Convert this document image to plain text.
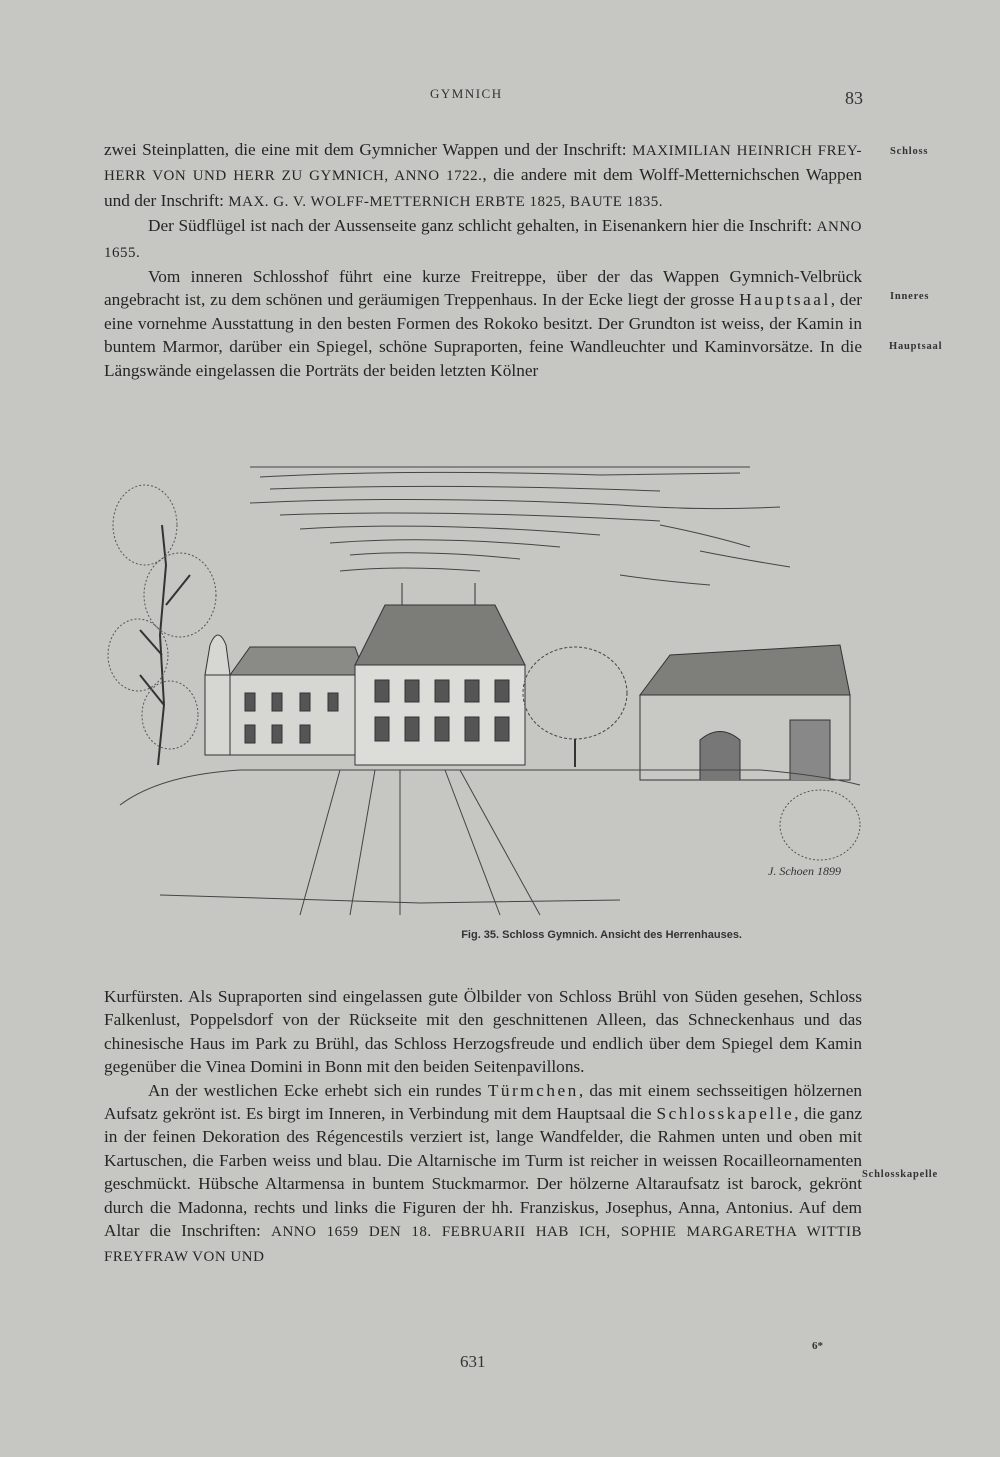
GYMNICH	83

zwei Steinplatten, die eine mit dem Gymnicher Wappen und der Inschrift: MAXIMILIAN HEINRICH FREY-HERR VON UND HERR ZU GYMNICH, ANNO 1722., die andere mit dem Wolff-Metternichschen Wappen und der Inschrift: MAX. G. V. WOLFF-METTERNICH ERBTE 1825, BAUTE 1835.

Der Südflügel ist nach der Aussenseite ganz schlicht gehalten, in Eisenankern hier die Inschrift: ANNO 1655.

Vom inneren Schlosshof führt eine kurze Freitreppe, über der das Wappen Gymnich-Velbrück angebracht ist, zu dem schönen und geräumigen Treppenhaus. In der Ecke liegt der grosse Hauptsaal, der eine vornehme Ausstattung in den besten Formen des Rokoko besitzt. Der Grundton ist weiss, der Kamin in buntem Marmor, darüber ein Spiegel, schöne Supraporten, feine Wandleuchter und Kaminvorsätze. In die Längswände eingelassen die Porträts der beiden letzten Kölner

Schloss
Inneres
Hauptsaal
Schlosskapelle
J. Schoen 1899
Fig. 35. Schloss Gymnich. Ansicht des Herrenhauses.

Kurfürsten. Als Supraporten sind eingelassen gute Ölbilder von Schloss Brühl von Süden gesehen, Schloss Falkenlust, Poppelsdorf von der Rückseite mit den geschnittenen Alleen, das Schneckenhaus und das chinesische Haus im Park zu Brühl, das Schloss Herzogsfreude und endlich über dem Spiegel dem Kamin gegenüber die Vinea Domini in Bonn mit den beiden Seitenpavillons.

An der westlichen Ecke erhebt sich ein rundes Türmchen, das mit einem sechsseitigen hölzernen Aufsatz gekrönt ist. Es birgt im Inneren, in Verbindung mit dem Hauptsaal die Schlosskapelle, die ganz in der feinen Dekoration des Régencestils verziert ist, lange Wandfelder, die Rahmen unten und oben mit Kartuschen, die Farben weiss und blau. Die Altarnische im Turm ist reicher in weissen Rocailleornamenten geschmückt. Hübsche Altarmensa in buntem Stuckmarmor. Der hölzerne Altaraufsatz ist barock, gekrönt durch die Madonna, rechts und links die Figuren der hh. Franziskus, Josephus, Anna, Antonius. Auf dem Altar die Inschriften: ANNO 1659 DEN 18. FEBRUARII HAB ICH, SOPHIE MARGARETHA WITTIB FREYFRAW VON UND

6*
631
